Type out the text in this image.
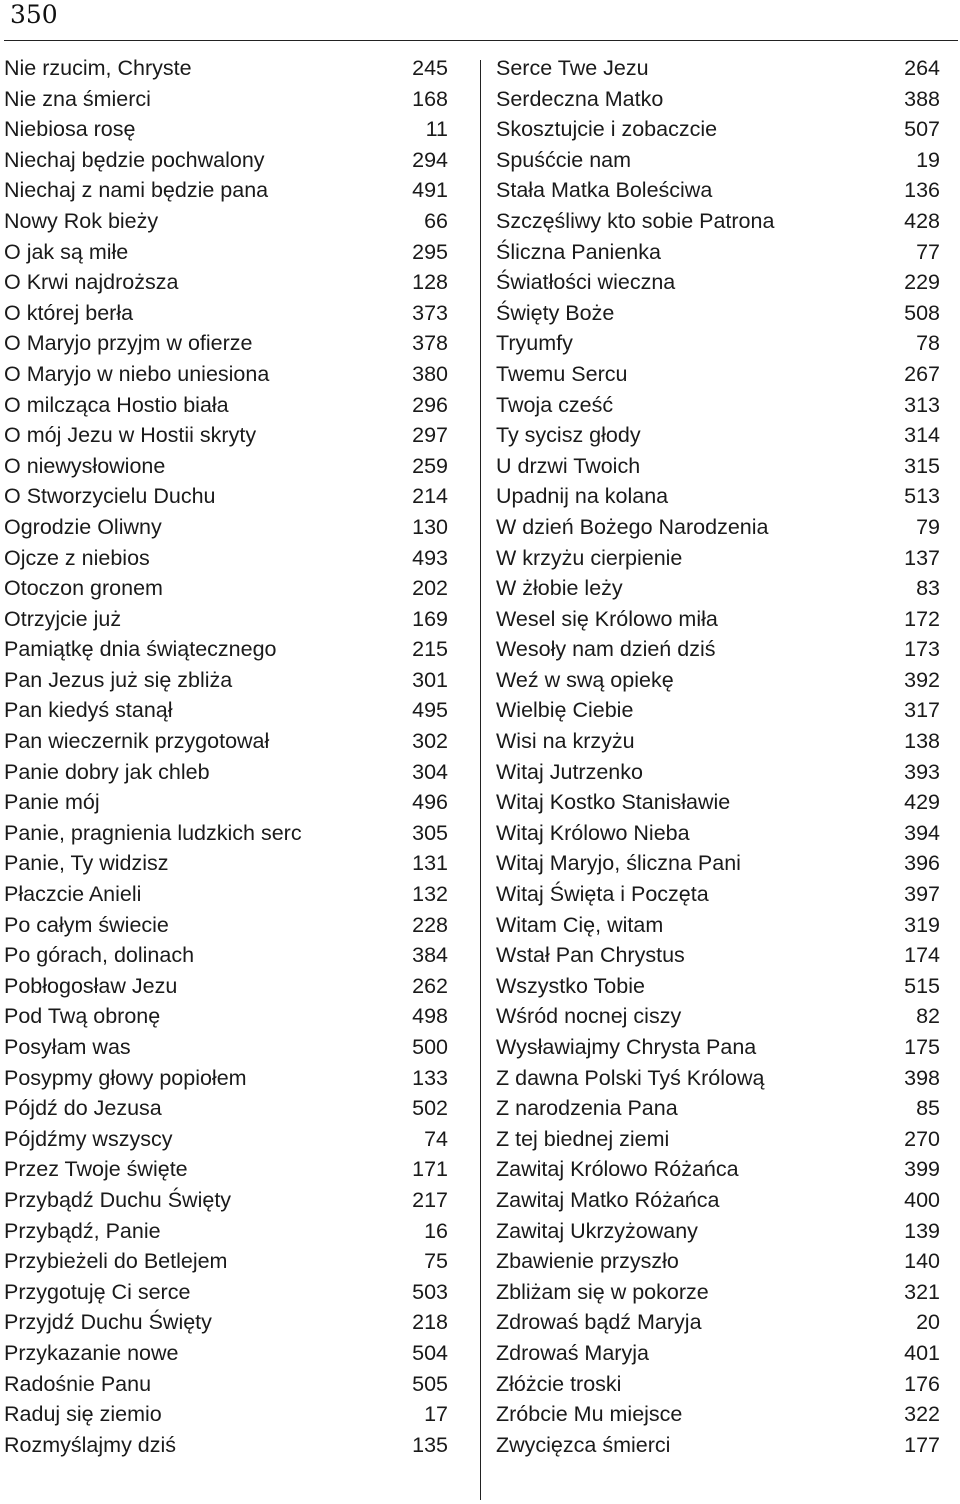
350
Nie rzucim, Chryste	245
Nie zna śmierci	168
Niebiosa rosę	11
Niechaj będzie pochwalony	294
Niechaj z nami będzie pana	491
Nowy Rok bieży	66
O jak są miłe	295
O Krwi najdroższa	128
O której berła	373
O Maryjo przyjm w ofierze	378
O Maryjo w niebo uniesiona	380
O milcząca Hostio biała	296
O mój Jezu w Hostii skryty	297
O niewysłowione	259
O Stworzycielu Duchu	214
Ogrodzie Oliwny	130
Ojcze z niebios	493
Otoczon gronem	202
Otrzyjcie już	169
Pamiątkę dnia świątecznego	215
Pan Jezus już się zbliża	301
Pan kiedyś stanął	495
Pan wieczernik przygotował	302
Panie dobry jak chleb	304
Panie mój	496
Panie, pragnienia ludzkich serc	305
Panie, Ty widzisz	131
Płaczcie Anieli	132
Po całym świecie	228
Po górach, dolinach	384
Pobłogosław Jezu	262
Pod Twą obronę	498
Posyłam was	500
Posypmy głowy popiołem	133
Pójdź do Jezusa	502
Pójdźmy wszyscy	74
Przez Twoje święte	171
Przybądź Duchu Święty	217
Przybądź, Panie	16
Przybieżeli do Betlejem	75
Przygotuję Ci serce	503
Przyjdź Duchu Święty	218
Przykazanie nowe	504
Radośnie Panu	505
Raduj się ziemio	17
Rozmyślajmy dziś	135
Serce Twe Jezu	264
Serdeczna Matko	388
Skosztujcie i zobaczcie	507
Spuśćcie nam	19
Stała Matka Boleściwa	136
Szczęśliwy kto sobie Patrona	428
Śliczna Panienka	77
Światłości wieczna	229
Święty Boże	508
Tryumfy	78
Twemu Sercu	267
Twoja cześć	313
Ty sycisz głody	314
U drzwi Twoich	315
Upadnij na kolana	513
W dzień Bożego Narodzenia	79
W krzyżu cierpienie	137
W żłobie leży	83
Wesel się Królowo miła	172
Wesoły nam dzień dziś	173
Weź w swą opiekę	392
Wielbię Ciebie	317
Wisi na krzyżu	138
Witaj Jutrzenko	393
Witaj Kostko Stanisławie	429
Witaj Królowo Nieba	394
Witaj Maryjo, śliczna Pani	396
Witaj Święta i Poczęta	397
Witam Cię, witam	319
Wstał Pan Chrystus	174
Wszystko Tobie	515
Wśród nocnej ciszy	82
Wysławiajmy Chrysta Pana	175
Z dawna Polski Tyś Królową	398
Z narodzenia Pana	85
Z tej biednej ziemi	270
Zawitaj Królowo Różańca	399
Zawitaj Matko Różańca	400
Zawitaj Ukrzyżowany	139
Zbawienie przyszło	140
Zbliżam się w pokorze	321
Zdrowaś bądź Maryja	20
Zdrowaś Maryja	401
Złóżcie troski	176
Zróbcie Mu miejsce	322
Zwycięzca śmierci	177
